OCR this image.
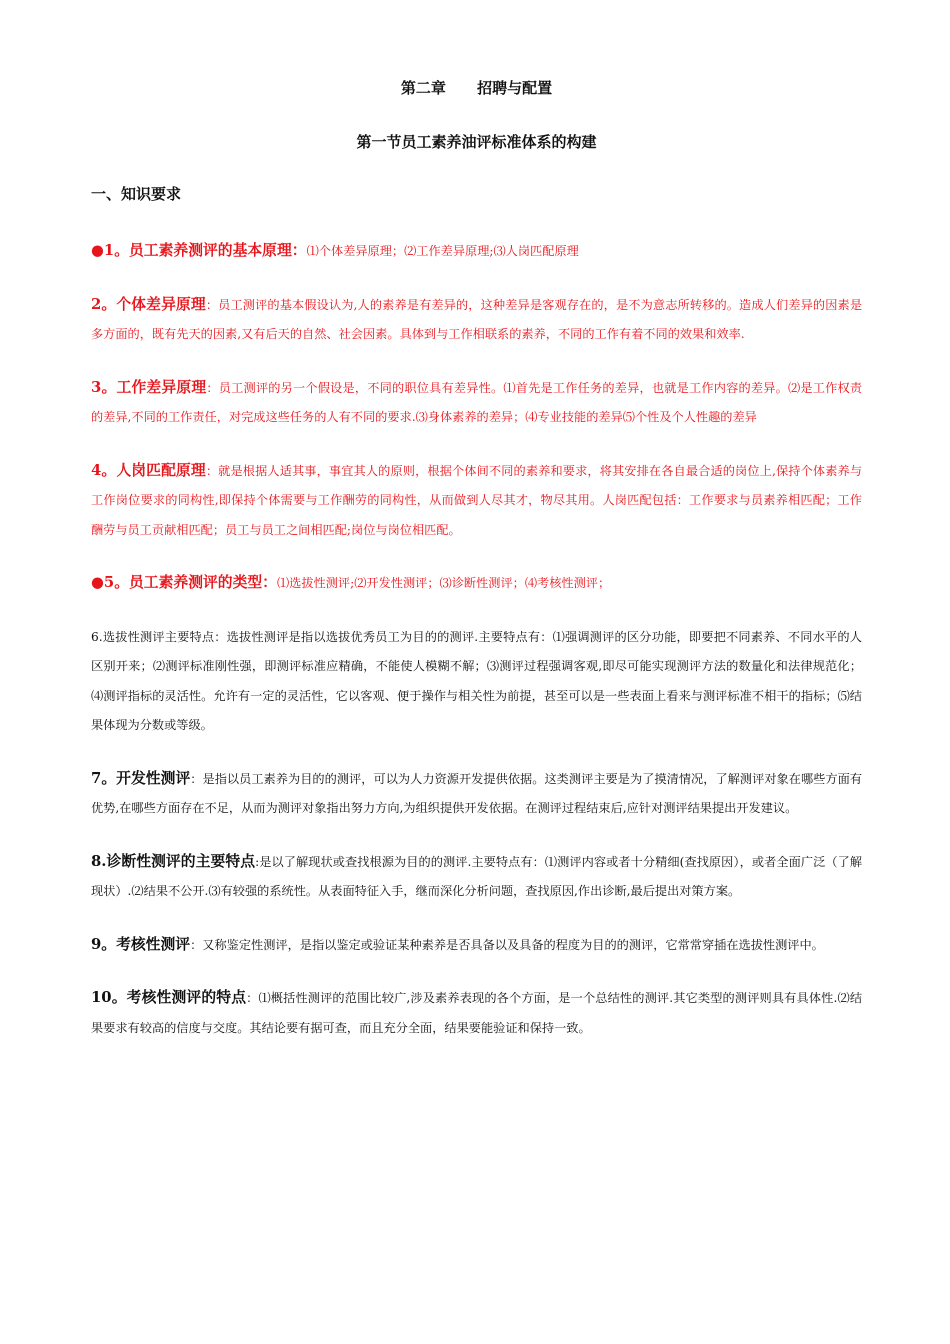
第二章      招聘与配置
第一节员工素养油评标准体系的构建
一、知识要求
●1。员工素养测评的基本原理：⑴个体差异原理；⑵工作差异原理;⑶人岗匹配原理
2。个体差异原理：员工测评的基本假设认为,人的素养是有差异的，这种差异是客观存在的，是不为意志所转移的。造成人们差异的因素是多方面的，既有先天的因素,又有后天的自然、社会因素。具体到与工作相联系的素养，不同的工作有着不同的效果和效率.
3。工作差异原理：员工测评的另一个假设是，不同的职位具有差异性。⑴首先是工作任务的差异，也就是工作内容的差异。⑵是工作权责的差异,不同的工作责任，对完成这些任务的人有不同的要求.⑶身体素养的差异；⑷专业技能的差异⑸个性及个人性趣的差异
4。人岗匹配原理：就是根据人适其事，事宜其人的原则，根据个体间不同的素养和要求，将其安排在各自最合适的岗位上,保持个体素养与工作岗位要求的同构性,即保持个体需要与工作酬劳的同构性，从而做到人尽其才，物尽其用。人岗匹配包括：工作要求与员素养相匹配；工作酬劳与员工贡献相匹配；员工与员工之间相匹配;岗位与岗位相匹配。
●5。员工素养测评的类型：⑴选拔性测评;⑵开发性测评；⑶诊断性测评；⑷考核性测评；
6.选拔性测评主要特点：选拔性测评是指以选拔优秀员工为目的的测评.主要特点有：⑴强调测评的区分功能，即要把不同素养、不同水平的人区别开来；⑵测评标准刚性强，即测评标准应精确，不能使人模糊不解；⑶测评过程强调客观,即尽可能实现测评方法的数量化和法律规范化；⑷测评指标的灵活性。允许有一定的灵活性，它以客观、便于操作与相关性为前提，甚至可以是一些表面上看来与测评标准不相干的指标；⑸结果体现为分数或等级。
7。开发性测评：是指以员工素养为目的的测评，可以为人力资源开发提供依据。这类测评主要是为了摸清情况，了解测评对象在哪些方面有优势,在哪些方面存在不足，从而为测评对象指出努力方向,为组织提供开发依据。在测评过程结束后,应针对测评结果提出开发建议。
8.诊断性测评的主要特点:是以了解现状或查找根源为目的的测评.主要特点有：⑴测评内容或者十分精细(查找原因），或者全面广泛（了解现状）.⑵结果不公开.⑶有较强的系统性。从表面特征入手，继而深化分析问题，查找原因,作出诊断,最后提出对策方案。
9。考核性测评：又称鉴定性测评，是指以鉴定或验证某种素养是否具备以及具备的程度为目的的测评，它常常穿插在选拔性测评中。
10。考核性测评的特点：⑴概括性测评的范围比较广,涉及素养表现的各个方面，是一个总结性的测评.其它类型的测评则具有具体性.⑵结果要求有较高的信度与交度。其结论要有据可查，而且充分全面，结果要能验证和保持一致。
